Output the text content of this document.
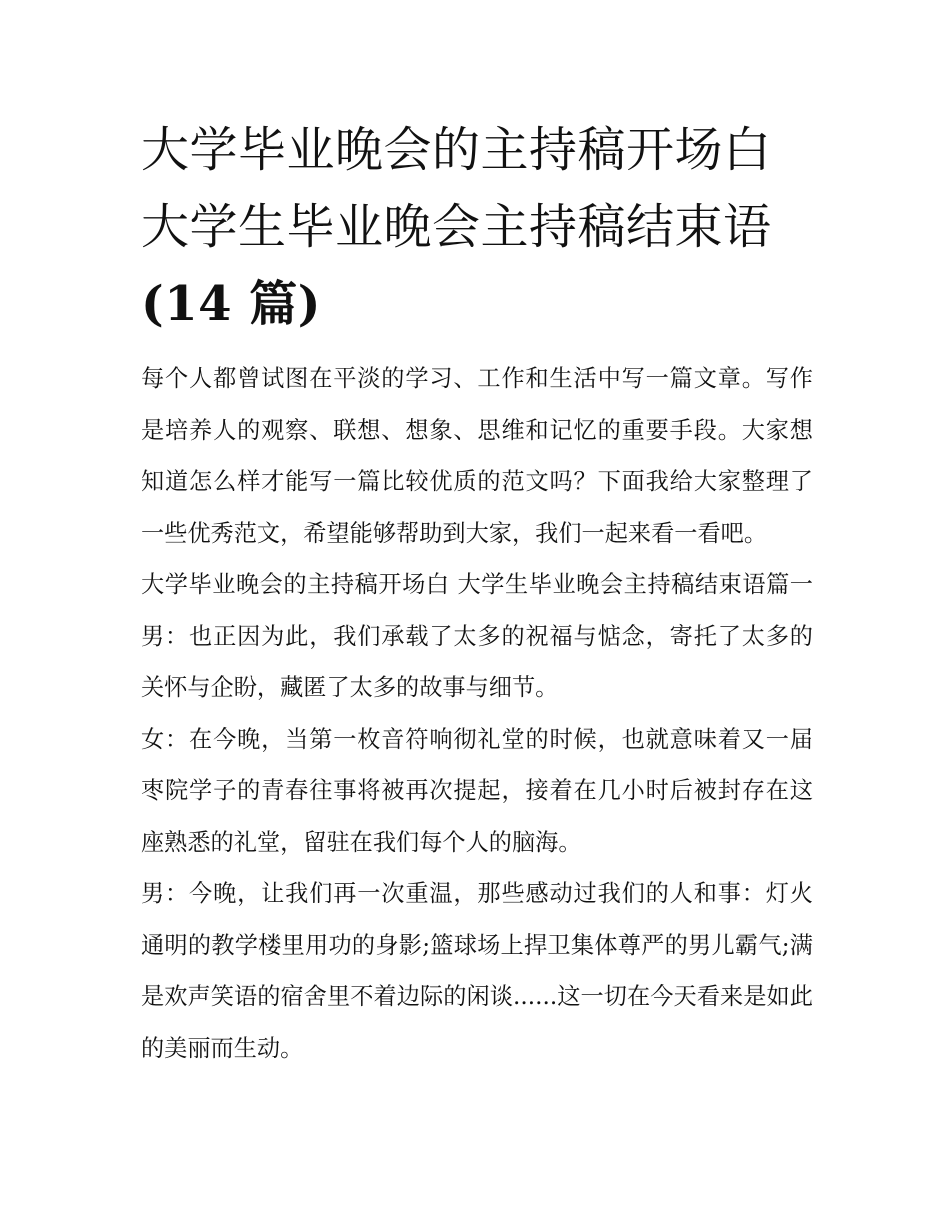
大学毕业晚会的主持稿开场白
大学生毕业晚会主持稿结束语
(14 篇)

每个人都曾试图在平淡的学习、工作和生活中写一篇文章。写作是培养人的观察、联想、想象、思维和记忆的重要手段。大家想知道怎么样才能写一篇比较优质的范文吗？下面我给大家整理了一些优秀范文，希望能够帮助到大家，我们一起来看一看吧。

大学毕业晚会的主持稿开场白 大学生毕业晚会主持稿结束语篇一 男：也正因为此，我们承载了太多的祝福与惦念，寄托了太多的关怀与企盼，藏匿了太多的故事与细节。

女：在今晚，当第一枚音符响彻礼堂的时候，也就意味着又一届枣院学子的青春往事将被再次提起，接着在几小时后被封存在这座熟悉的礼堂，留驻在我们每个人的脑海。

男：今晚，让我们再一次重温，那些感动过我们的人和事：灯火通明的教学楼里用功的身影;篮球场上捍卫集体尊严的男儿霸气;满是欢声笑语的宿舍里不着边际的闲谈......这一切在今天看来是如此的美丽而生动。
